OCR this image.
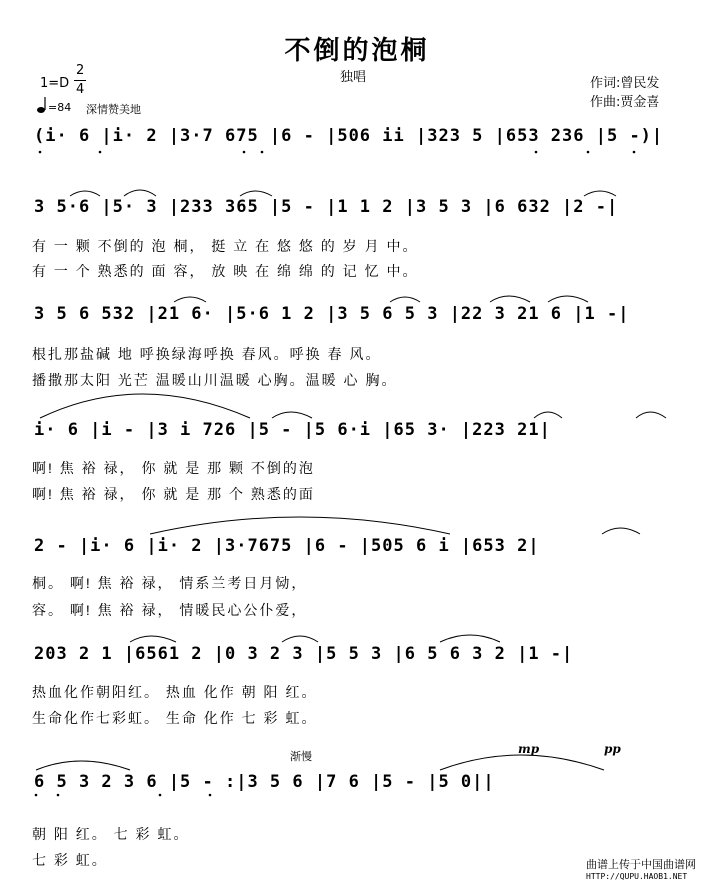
不倒的泡桐
独唱
1=D
2
4
=84 深情赞美地
作词:曾民发
作曲:贾金喜
(i· 6 |i· 2 |3·7 675 |6 - |506 ii |323 5 |653 236 |5 -)|
3 5·6 |5· 3 |233 365 |5 - |1 1 2 |3 5 3 |6 632 |2 -|
有 一 颗 不倒的 泡 桐， 挺 立 在 悠 悠 的 岁 月 中。
有 一 个 熟悉的 面 容， 放 映 在 绵 绵 的 记 忆 中。
3 5 6 532 |21 6· |5·6 1 2 |3 5 6 5 3 |22 3 21 6 |1 -|
根扎那盐碱 地 呼换绿海呼换 春风。呼换 春 风。
播撒那太阳 光芒 温暖山川温暖 心胸。温暖 心 胸。
i· 6 |i - |3 i 726 |5 - |5 6·i |65 3· |223 21|
啊! 焦 裕 禄， 你 就 是 那 颗 不倒的泡
啊! 焦 裕 禄， 你 就 是 那 个 熟悉的面
2 - |i· 6 |i· 2 |3·7675 |6 - |505 6 i |653 2|
桐。 啊! 焦 裕 禄， 情系兰考日月恸，
容。 啊! 焦 裕 禄， 情暖民心公仆爱，
203 2 1 |6561 2 |0 3 2 3 |5 5 3 |6 5 6 3 2 |1 -|
热血化作朝阳红。 热血 化作 朝 阳 红。
生命化作七彩虹。 生命 化作 七 彩 虹。
渐慢
mp	pp
6 5 3 2 3 6 |5 - :|3 5 6 |7 6 |5 - |5 0||
朝 阳 红。 七 彩 虹。
七 彩 虹。	曲谱上传于中国曲谱网
HTTP://QUPU.HAOB1.NET
